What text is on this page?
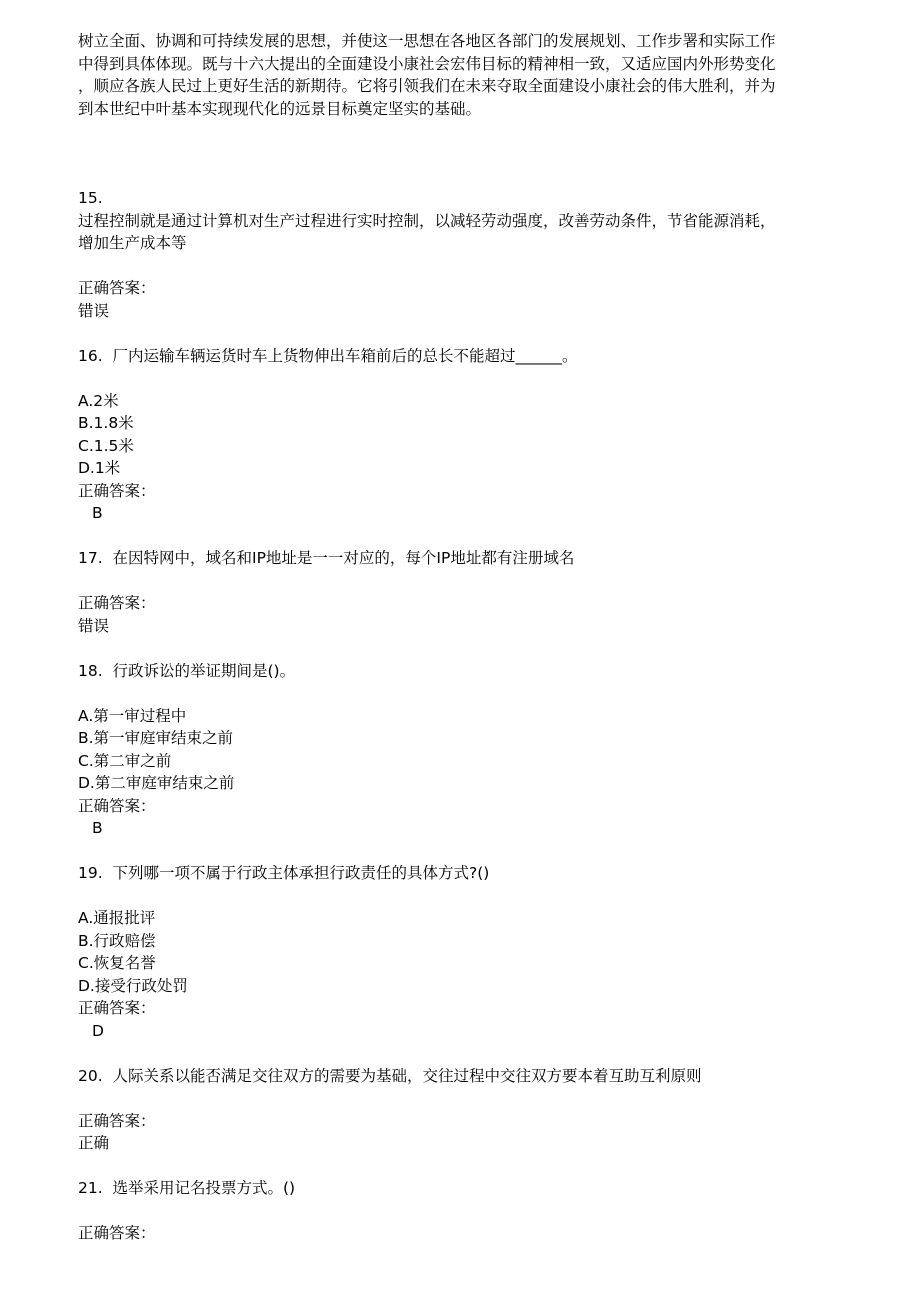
树立全面、协调和可持续发展的思想，并使这一思想在各地区各部门的发展规划、工作步署和实际工作
中得到具体体现。既与十六大提出的全面建设小康社会宏伟目标的精神相一致，又适应国内外形势变化
，顺应各族人民过上更好生活的新期待。它将引领我们在未来夺取全面建设小康社会的伟大胜利，并为
到本世纪中叶基本实现现代化的远景目标奠定坚实的基础。
15.
过程控制就是通过计算机对生产过程进行实时控制，以减轻劳动强度，改善劳动条件，节省能源消耗，
增加生产成本等
正确答案：
错误
16.  厂内运输车辆运货时车上货物伸出车箱前后的总长不能超过______。
A.2米
B.1.8米
C.1.5米
D.1米
正确答案：
B
17.  在因特网中，域名和IP地址是一一对应的，每个IP地址都有注册域名
正确答案：
错误
18.  行政诉讼的举证期间是()。
A.第一审过程中
B.第一审庭审结束之前
C.第二审之前
D.第二审庭审结束之前
正确答案：
B
19.  下列哪一项不属于行政主体承担行政责任的具体方式?()
A.通报批评
B.行政赔偿
C.恢复名誉
D.接受行政处罚
正确答案：
D
20.  人际关系以能否满足交往双方的需要为基础，交往过程中交往双方要本着互助互利原则
正确答案：
正确
21.  选举采用记名投票方式。()
正确答案：
